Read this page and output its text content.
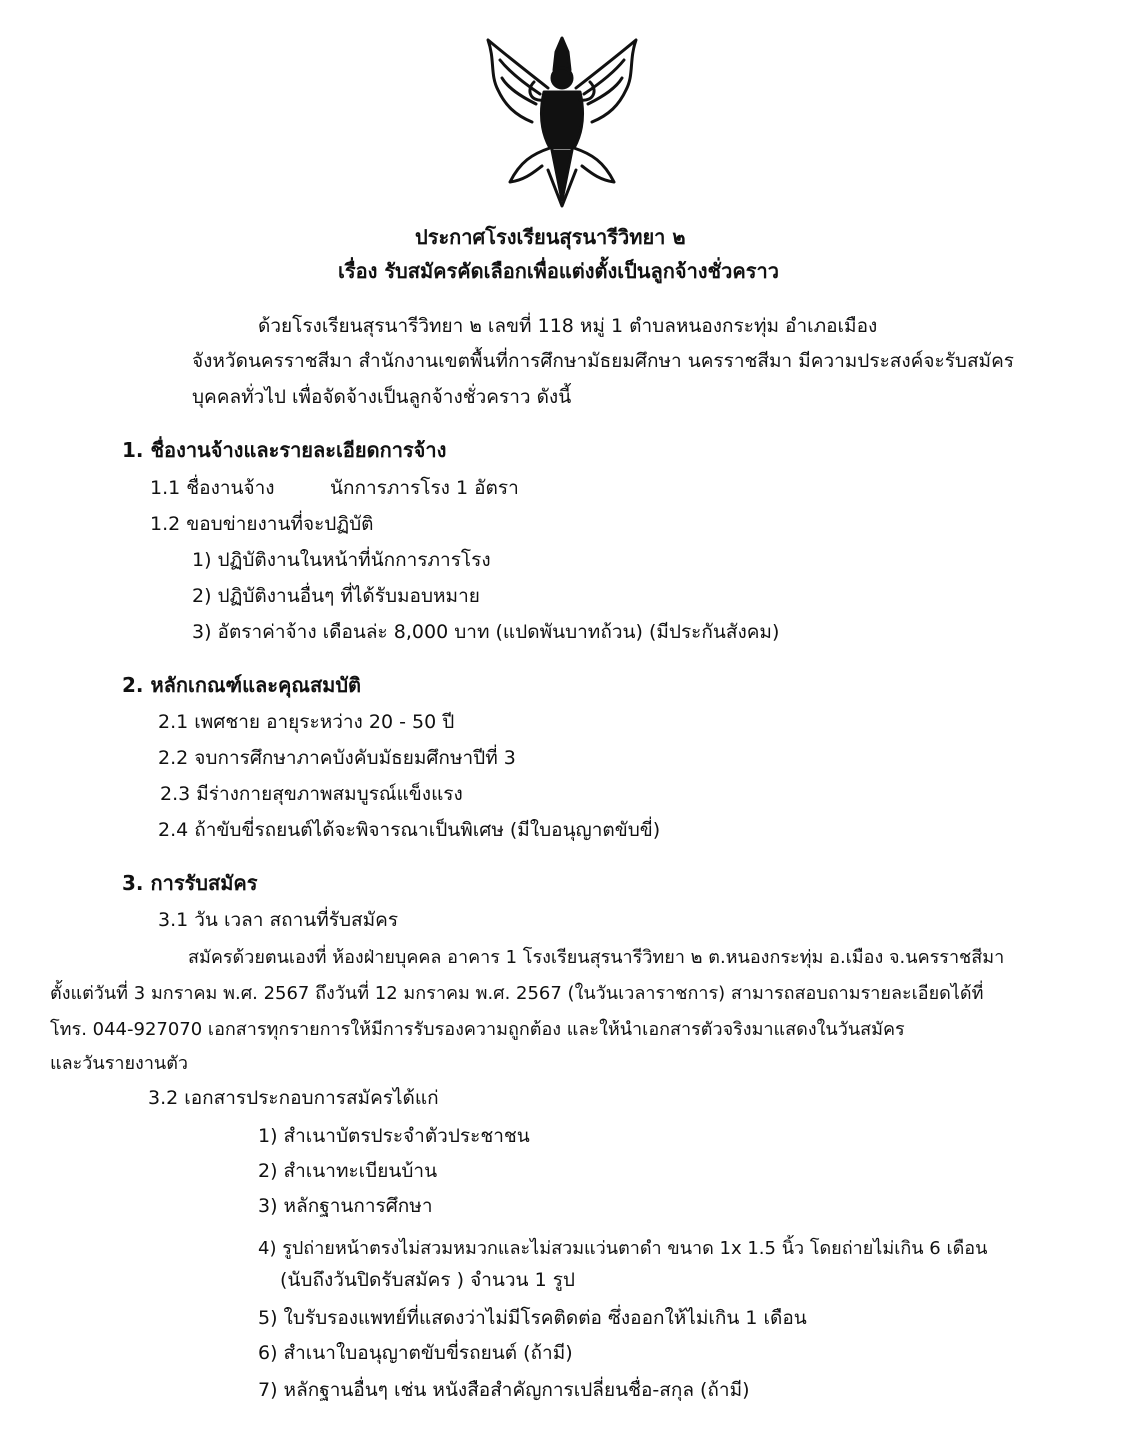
ประกาศโรงเรียนสุรนารีวิทยา ๒
เรื่อง รับสมัครคัดเลือกเพื่อแต่งตั้งเป็นลูกจ้างชั่วคราว
ด้วยโรงเรียนสุรนารีวิทยา ๒ เลขที่ 118 หมู่ 1 ตำบลหนองกระทุ่ม อำเภอเมือง
จังหวัดนครราชสีมา สำนักงานเขตพื้นที่การศึกษามัธยมศึกษา นครราชสีมา มีความประสงค์จะรับสมัคร
บุคคลทั่วไป เพื่อจัดจ้างเป็นลูกจ้างชั่วคราว ดังนี้
1. ชื่องานจ้างและรายละเอียดการจ้าง
1.1 ชื่องานจ้าง	นักการภารโรง 1 อัตรา
1.2 ขอบข่ายงานที่จะปฏิบัติ
1) ปฏิบัติงานในหน้าที่นักการภารโรง
2) ปฏิบัติงานอื่นๆ ที่ได้รับมอบหมาย
3) อัตราค่าจ้าง เดือนล่ะ 8,000 บาท (แปดพันบาทถ้วน) (มีประกันสังคม)
2. หลักเกณฑ์และคุณสมบัติ
2.1 เพศชาย อายุระหว่าง 20 - 50 ปี
2.2 จบการศึกษาภาคบังคับมัธยมศึกษาปีที่ 3
2.3 มีร่างกายสุขภาพสมบูรณ์แข็งแรง
2.4 ถ้าขับขี่รถยนต์ได้จะพิจารณาเป็นพิเศษ (มีใบอนุญาตขับขี่)
3. การรับสมัคร
3.1 วัน เวลา สถานที่รับสมัคร
สมัครด้วยตนเองที่ ห้องฝ่ายบุคคล อาคาร 1 โรงเรียนสุรนารีวิทยา ๒ ต.หนองกระทุ่ม อ.เมือง จ.นครราชสีมา
ตั้งแต่วันที่ 3 มกราคม พ.ศ. 2567 ถึงวันที่ 12 มกราคม พ.ศ. 2567 (ในวันเวลาราชการ) สามารถสอบถามรายละเอียดได้ที่
โทร. 044-927070 เอกสารทุกรายการให้มีการรับรองความถูกต้อง และให้นำเอกสารตัวจริงมาแสดงในวันสมัคร
และวันรายงานตัว
3.2 เอกสารประกอบการสมัครได้แก่
1) สำเนาบัตรประจำตัวประชาชน
2) สำเนาทะเบียนบ้าน
3) หลักฐานการศึกษา
4) รูปถ่ายหน้าตรงไม่สวมหมวกและไม่สวมแว่นตาดำ ขนาด 1x 1.5 นิ้ว โดยถ่ายไม่เกิน 6 เดือน
(นับถึงวันปิดรับสมัคร ) จำนวน 1 รูป
5) ใบรับรองแพทย์ที่แสดงว่าไม่มีโรคติดต่อ ซึ่งออกให้ไม่เกิน 1 เดือน
6) สำเนาใบอนุญาตขับขี่รถยนต์ (ถ้ามี)
7) หลักฐานอื่นๆ เช่น หนังสือสำคัญการเปลี่ยนชื่อ-สกุล (ถ้ามี)
